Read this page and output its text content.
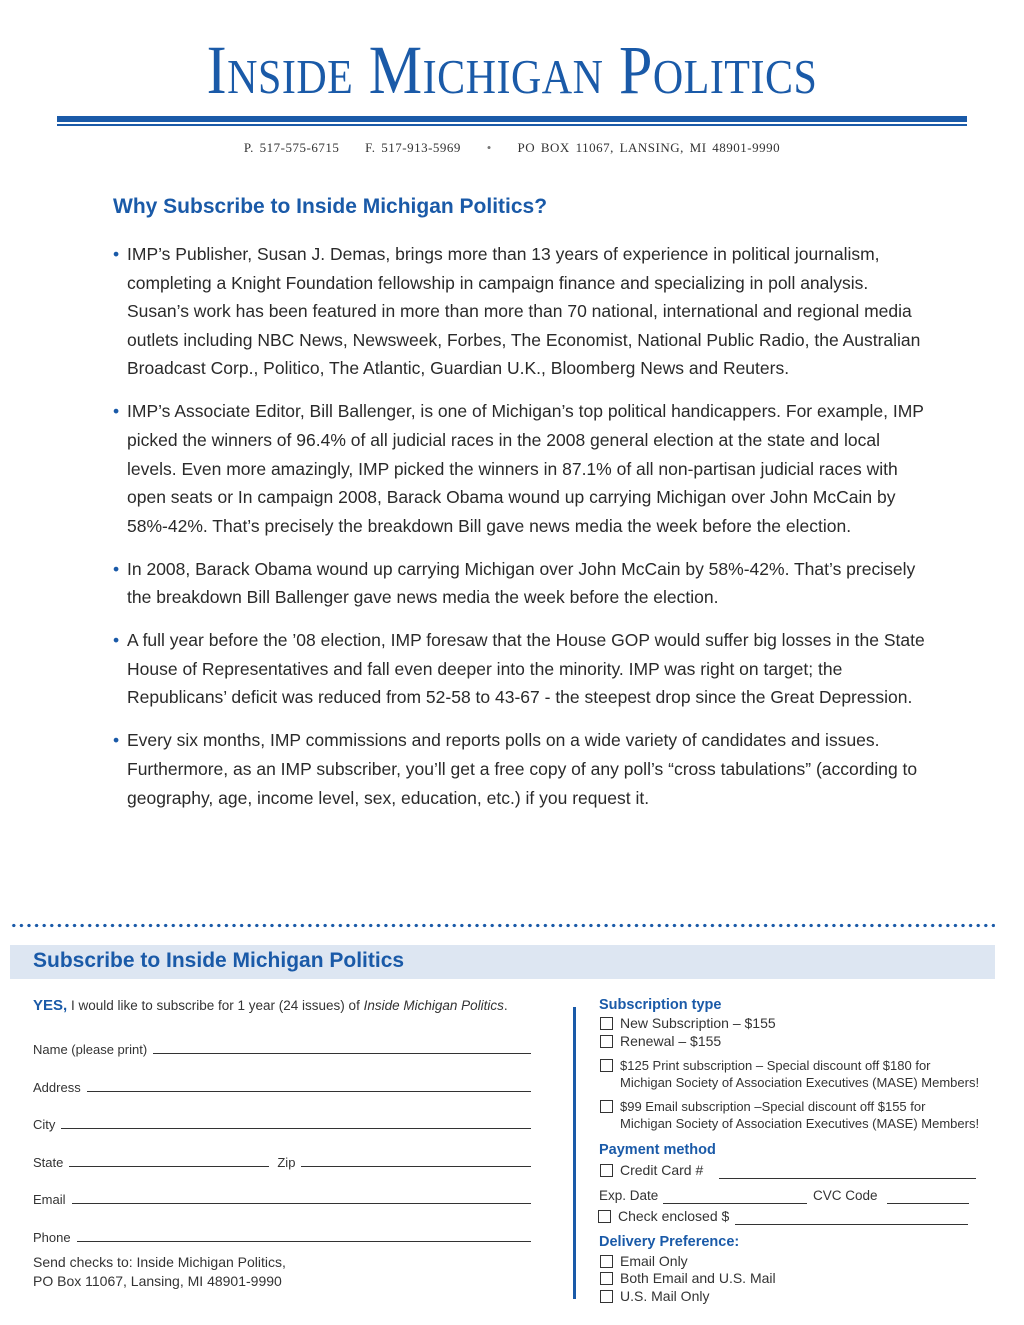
Inside Michigan Politics
P. 517-575-6715 F. 517-913-5969 • PO BOX 11067, LANSING, MI 48901-9990
Why Subscribe to Inside Michigan Politics?
• IMP’s Publisher, Susan J. Demas, brings more than 13 years of experience in political journalism, completing a Knight Foundation fellowship in campaign finance and specializing in poll analysis. Susan’s work has been featured in more than more than 70 national, international and regional media outlets including NBC News, Newsweek, Forbes, The Economist, National Public Radio, the Australian Broadcast Corp., Politico, The Atlantic, Guardian U.K., Bloomberg News and Reuters.
• IMP’s Associate Editor, Bill Ballenger, is one of Michigan’s top political handicappers. For example, IMP picked the winners of 96.4% of all judicial races in the 2008 general election at the state and local levels. Even more amazingly, IMP picked the winners in 87.1% of all non-partisan judicial races with open seats or In campaign 2008, Barack Obama wound up carrying Michigan over John McCain by 58%-42%. That’s precisely the breakdown Bill gave news media the week before the election.
• In 2008, Barack Obama wound up carrying Michigan over John McCain by 58%-42%. That’s precisely the breakdown Bill Ballenger gave news media the week before the election.
• A full year before the ’08 election, IMP foresaw that the House GOP would suffer big losses in the State House of Representatives and fall even deeper into the minority. IMP was right on target; the Republicans’ deficit was reduced from 52-58 to 43-67 - the steepest drop since the Great Depression.
• Every six months, IMP commissions and reports polls on a wide variety of candidates and issues. Furthermore, as an IMP subscriber, you’ll get a free copy of any poll’s “cross tabulations” (according to geography, age, income level, sex, education, etc.) if you request it.
Subscribe to Inside Michigan Politics
YES, I would like to subscribe for 1 year (24 issues) of Inside Michigan Politics.
Name (please print)
Address
City
State	Zip
Email
Phone
Send checks to: Inside Michigan Politics,
PO Box 11067, Lansing, MI 48901-9990
Subscription type
New Subscription – $155
Renewal – $155
$125 Print subscription – Special discount off $180 for
Michigan Society of Association Executives (MASE) Members!
$99 Email subscription –Special discount off $155 for
Michigan Society of Association Executives (MASE) Members!
Payment method
Credit Card #
Exp. Date	CVC Code
Check enclosed $
Delivery Preference:
Email Only
Both Email and U.S. Mail
U.S. Mail Only
